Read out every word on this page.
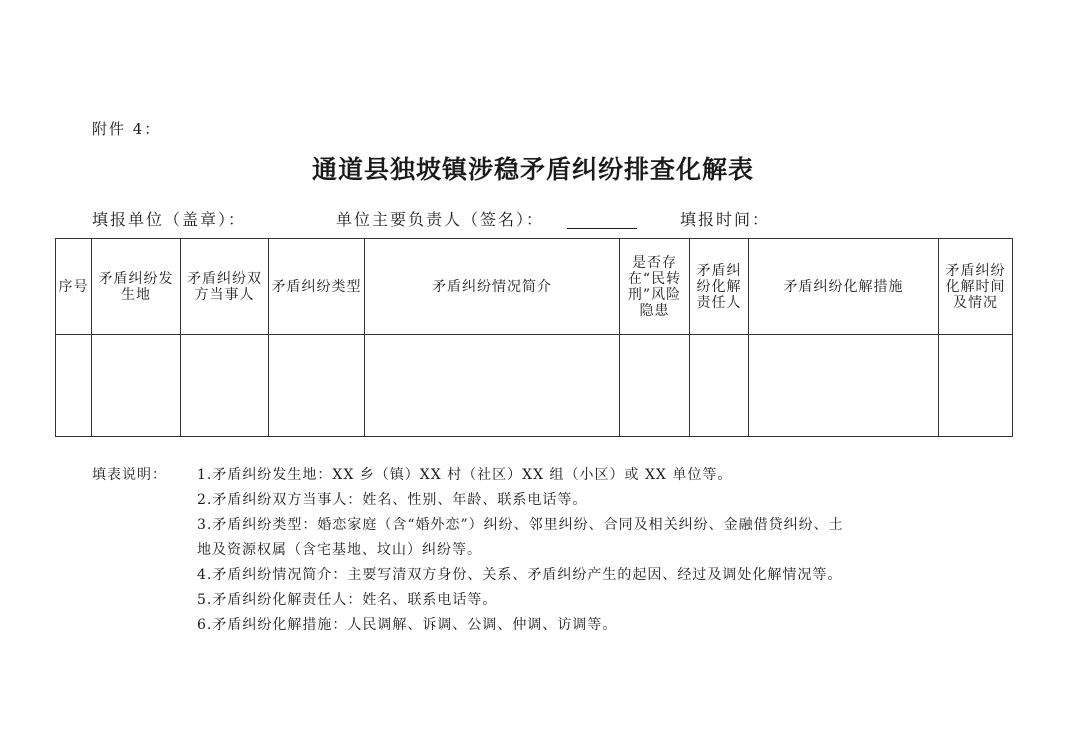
附件 4：
通道县独坡镇涉稳矛盾纠纷排查化解表
填报单位（盖章）：	单位主要负责人（签名）：	填报时间：
序号	矛盾纠纷发生地	矛盾纠纷双方当事人	矛盾纠纷类型	矛盾纠纷情况简介	是否存在“民转刑”风险隐患	矛盾纠纷化解责任人	矛盾纠纷化解措施	矛盾纠纷化解时间及情况

填表说明： 1.矛盾纠纷发生地：XX 乡（镇）XX 村（社区）XX 组（小区）或 XX 单位等。

2.矛盾纠纷双方当事人：姓名、性别、年龄、联系电话等。

3.矛盾纠纷类型：婚恋家庭（含“婚外恋”）纠纷、邻里纠纷、合同及相关纠纷、金融借贷纠纷、土

地及资源权属（含宅基地、坟山）纠纷等。

4.矛盾纠纷情况简介：主要写清双方身份、关系、矛盾纠纷产生的起因、经过及调处化解情况等。

5.矛盾纠纷化解责任人：姓名、联系电话等。

6.矛盾纠纷化解措施：人民调解、诉调、公调、仲调、访调等。
